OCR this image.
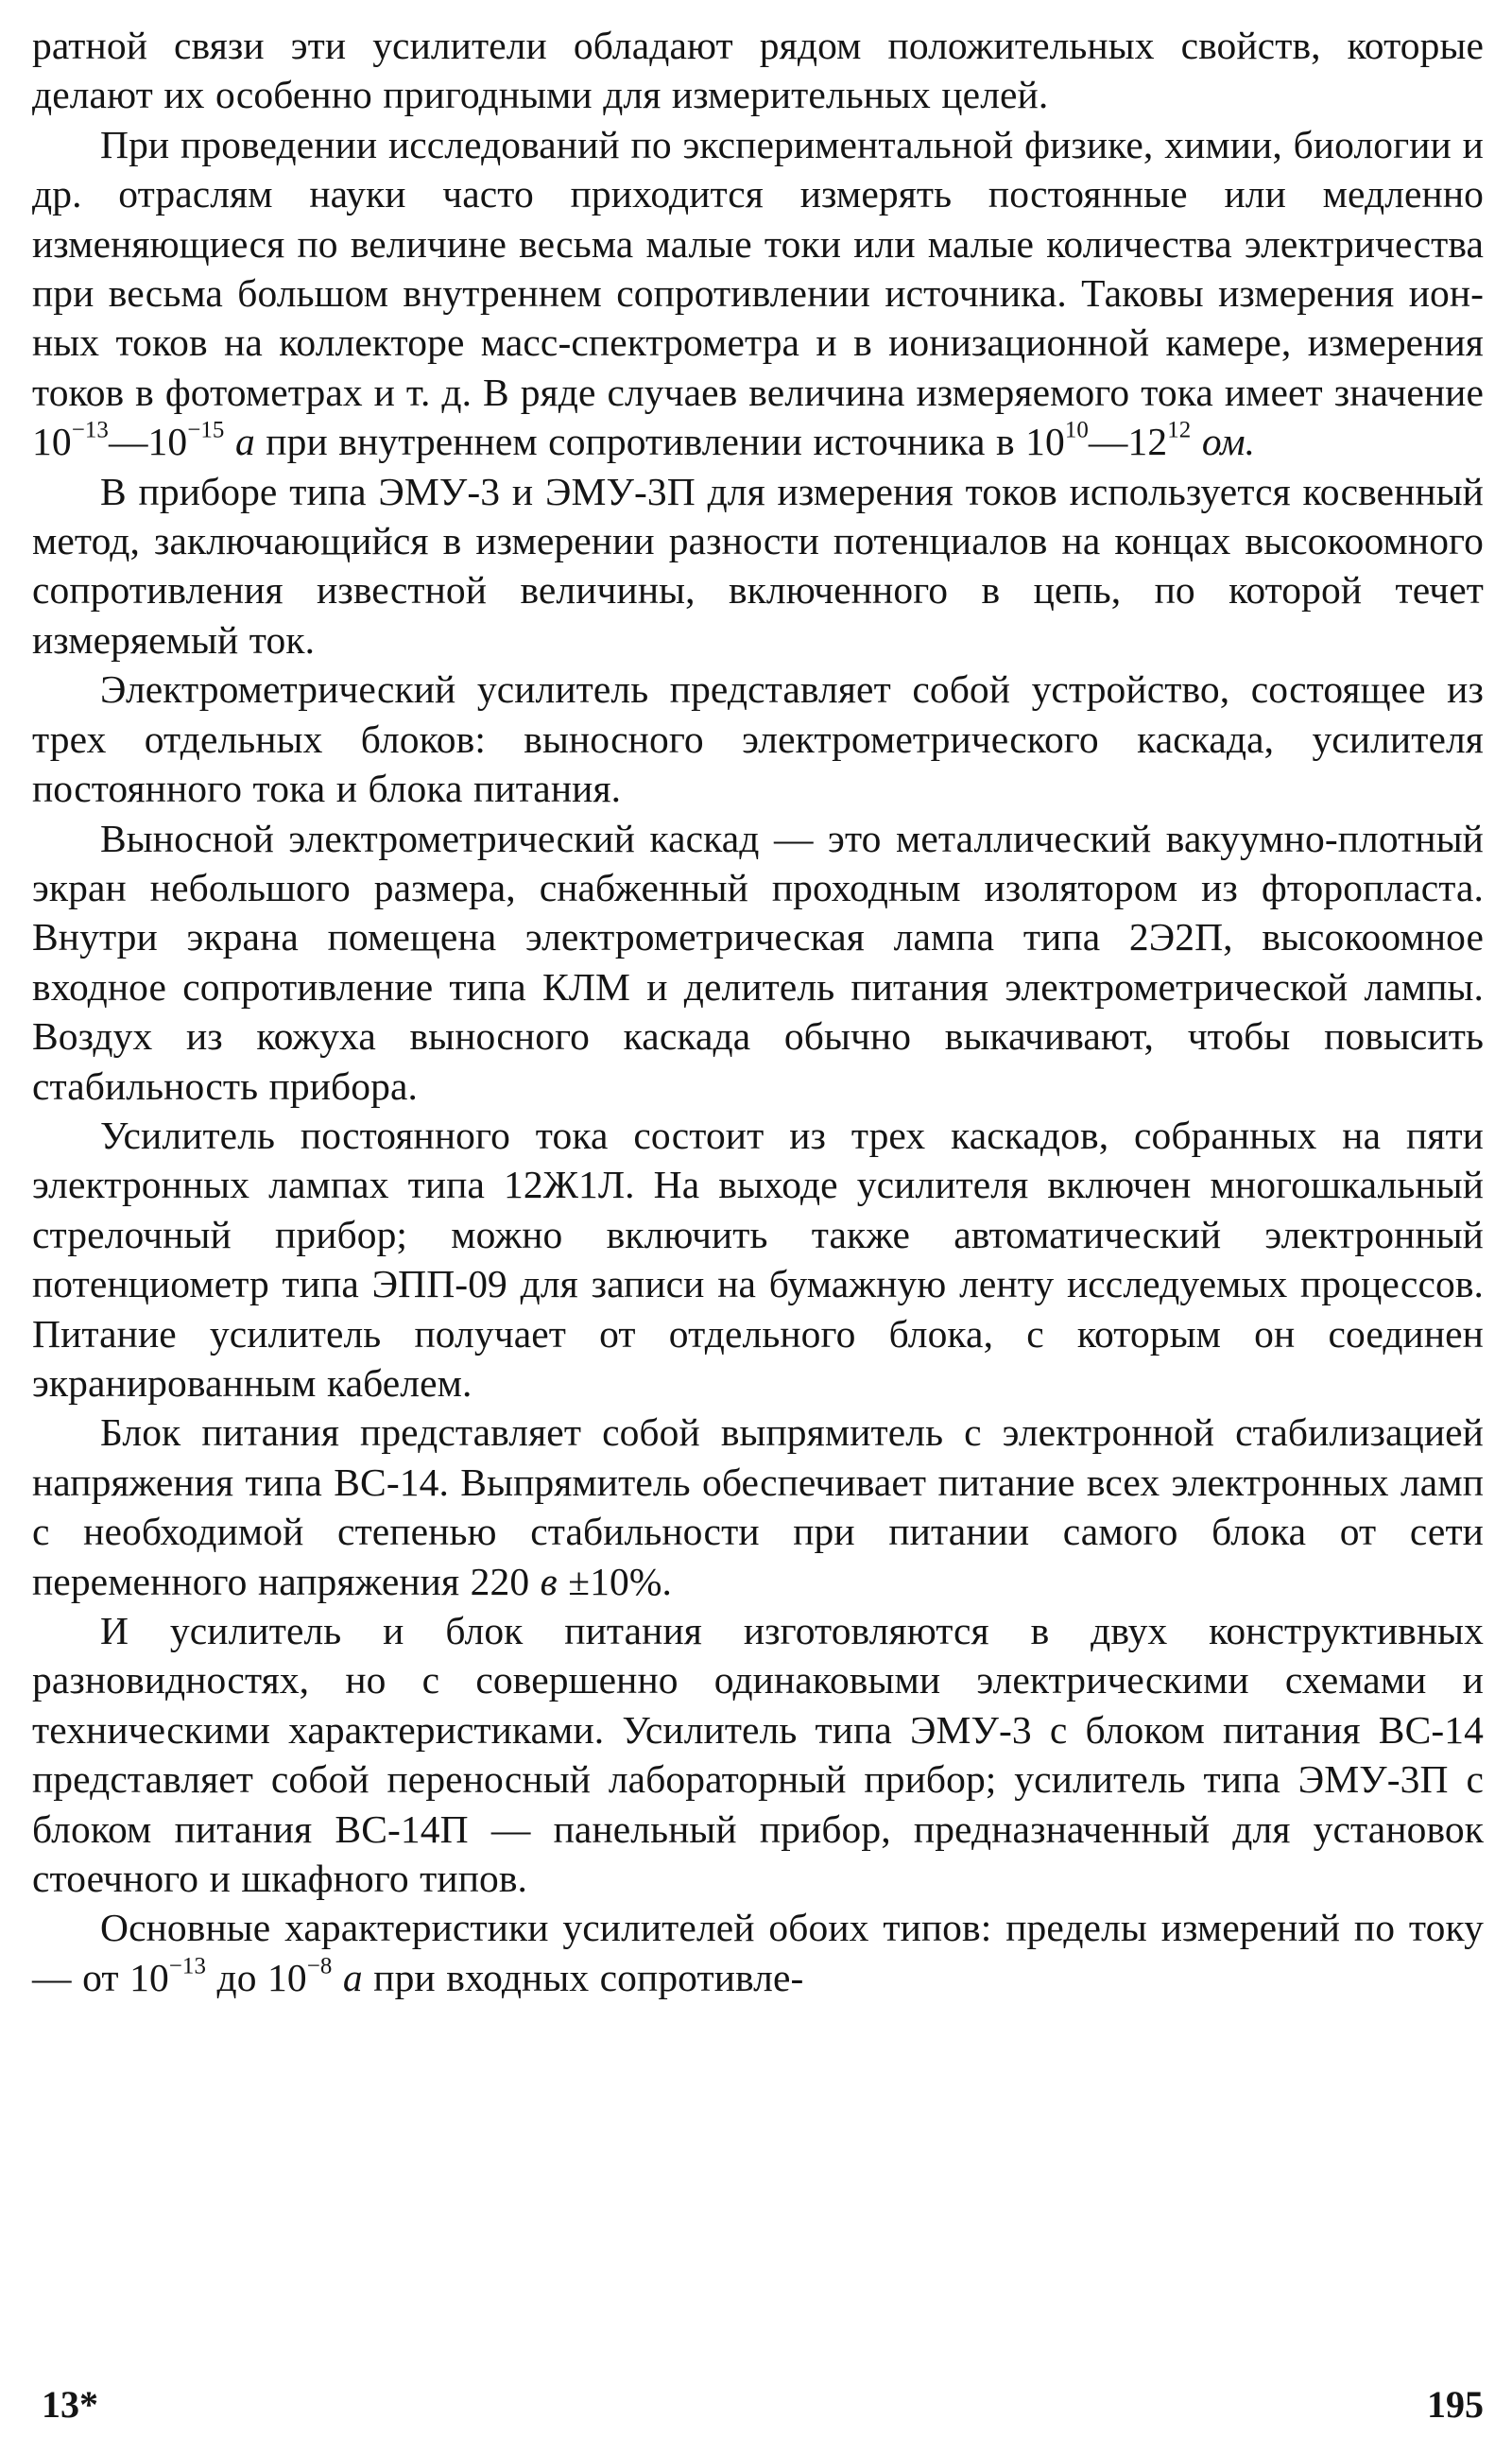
ратной связи эти усилители обладают рядом положительных свойств, которые делают их особенно пригодными для измерительных целей.

При проведении исследований по экспериментальной физике, химии, биологии и др. отраслям науки часто приходится измерять постоянные или медленно изменяющиеся по величине весьма малые токи или малые количества электричества при весьма большом внутреннем сопротивлении источника. Таковы измерения ионных токов на коллекторе масс-спектрометра и в ионизационной камере, измерения токов в фотометрах и т. д. В ряде случаев величина измеряемого тока имеет значение $10^{-13}—10^{-15}$ а при внутреннем сопротивлении источника в $10^{10}—12^{12}$ ом.

В приборе типа ЭМУ-3 и ЭМУ-3П для измерения токов используется косвенный метод, заключающийся в измерении разности потенциалов на концах высокоомного сопротивления известной величины, включенного в цепь, по которой течет измеряемый ток.

Электрометрический усилитель представляет собой устройство, состоящее из трех отдельных блоков: выносного электрометрического каскада, усилителя постоянного тока и блока питания.

Выносной электрометрический каскад — это металлический вакуумно-плотный экран небольшого размера, снабженный проходным изолятором из фторопласта. Внутри экрана помещена электрометрическая лампа типа 2Э2П, высокоомное входное сопротивление типа КЛМ и делитель питания электрометрической лампы. Воздух из кожуха выносного каскада обычно выкачивают, чтобы повысить стабильность прибора.

Усилитель постоянного тока состоит из трех каскадов, собранных на пяти электронных лампах типа 12Ж1Л. На выходе усилителя включен многошкальный стрелочный прибор; можно включить также автоматический электронный потенциометр типа ЭПП-09 для записи на бумажную ленту исследуемых процессов. Питание усилитель получает от отдельного блока, с которым он соединен экранированным кабелем.

Блок питания представляет собой выпрямитель с электронной стабилизацией напряжения типа ВС-14. Выпрямитель обеспечивает питание всех электронных ламп с необходимой степенью стабильности при питании самого блока от сети переменного напряжения 220 в ±10%.

И усилитель и блок питания изготовляются в двух конструктивных разновидностях, но с совершенно одинаковыми электрическими схемами и техническими характеристиками. Усилитель типа ЭМУ-3 с блоком питания ВС-14 представляет собой переносный лабораторный прибор; усилитель типа ЭМУ-3П с блоком питания ВС-14П — панельный прибор, предназначенный для установок стоечного и шкафного типов.

Основные характеристики усилителей обоих типов: пределы измерений по току — от $10^{-13}$ до $10^{-8}$ а при входных сопротивле-

13*	195
